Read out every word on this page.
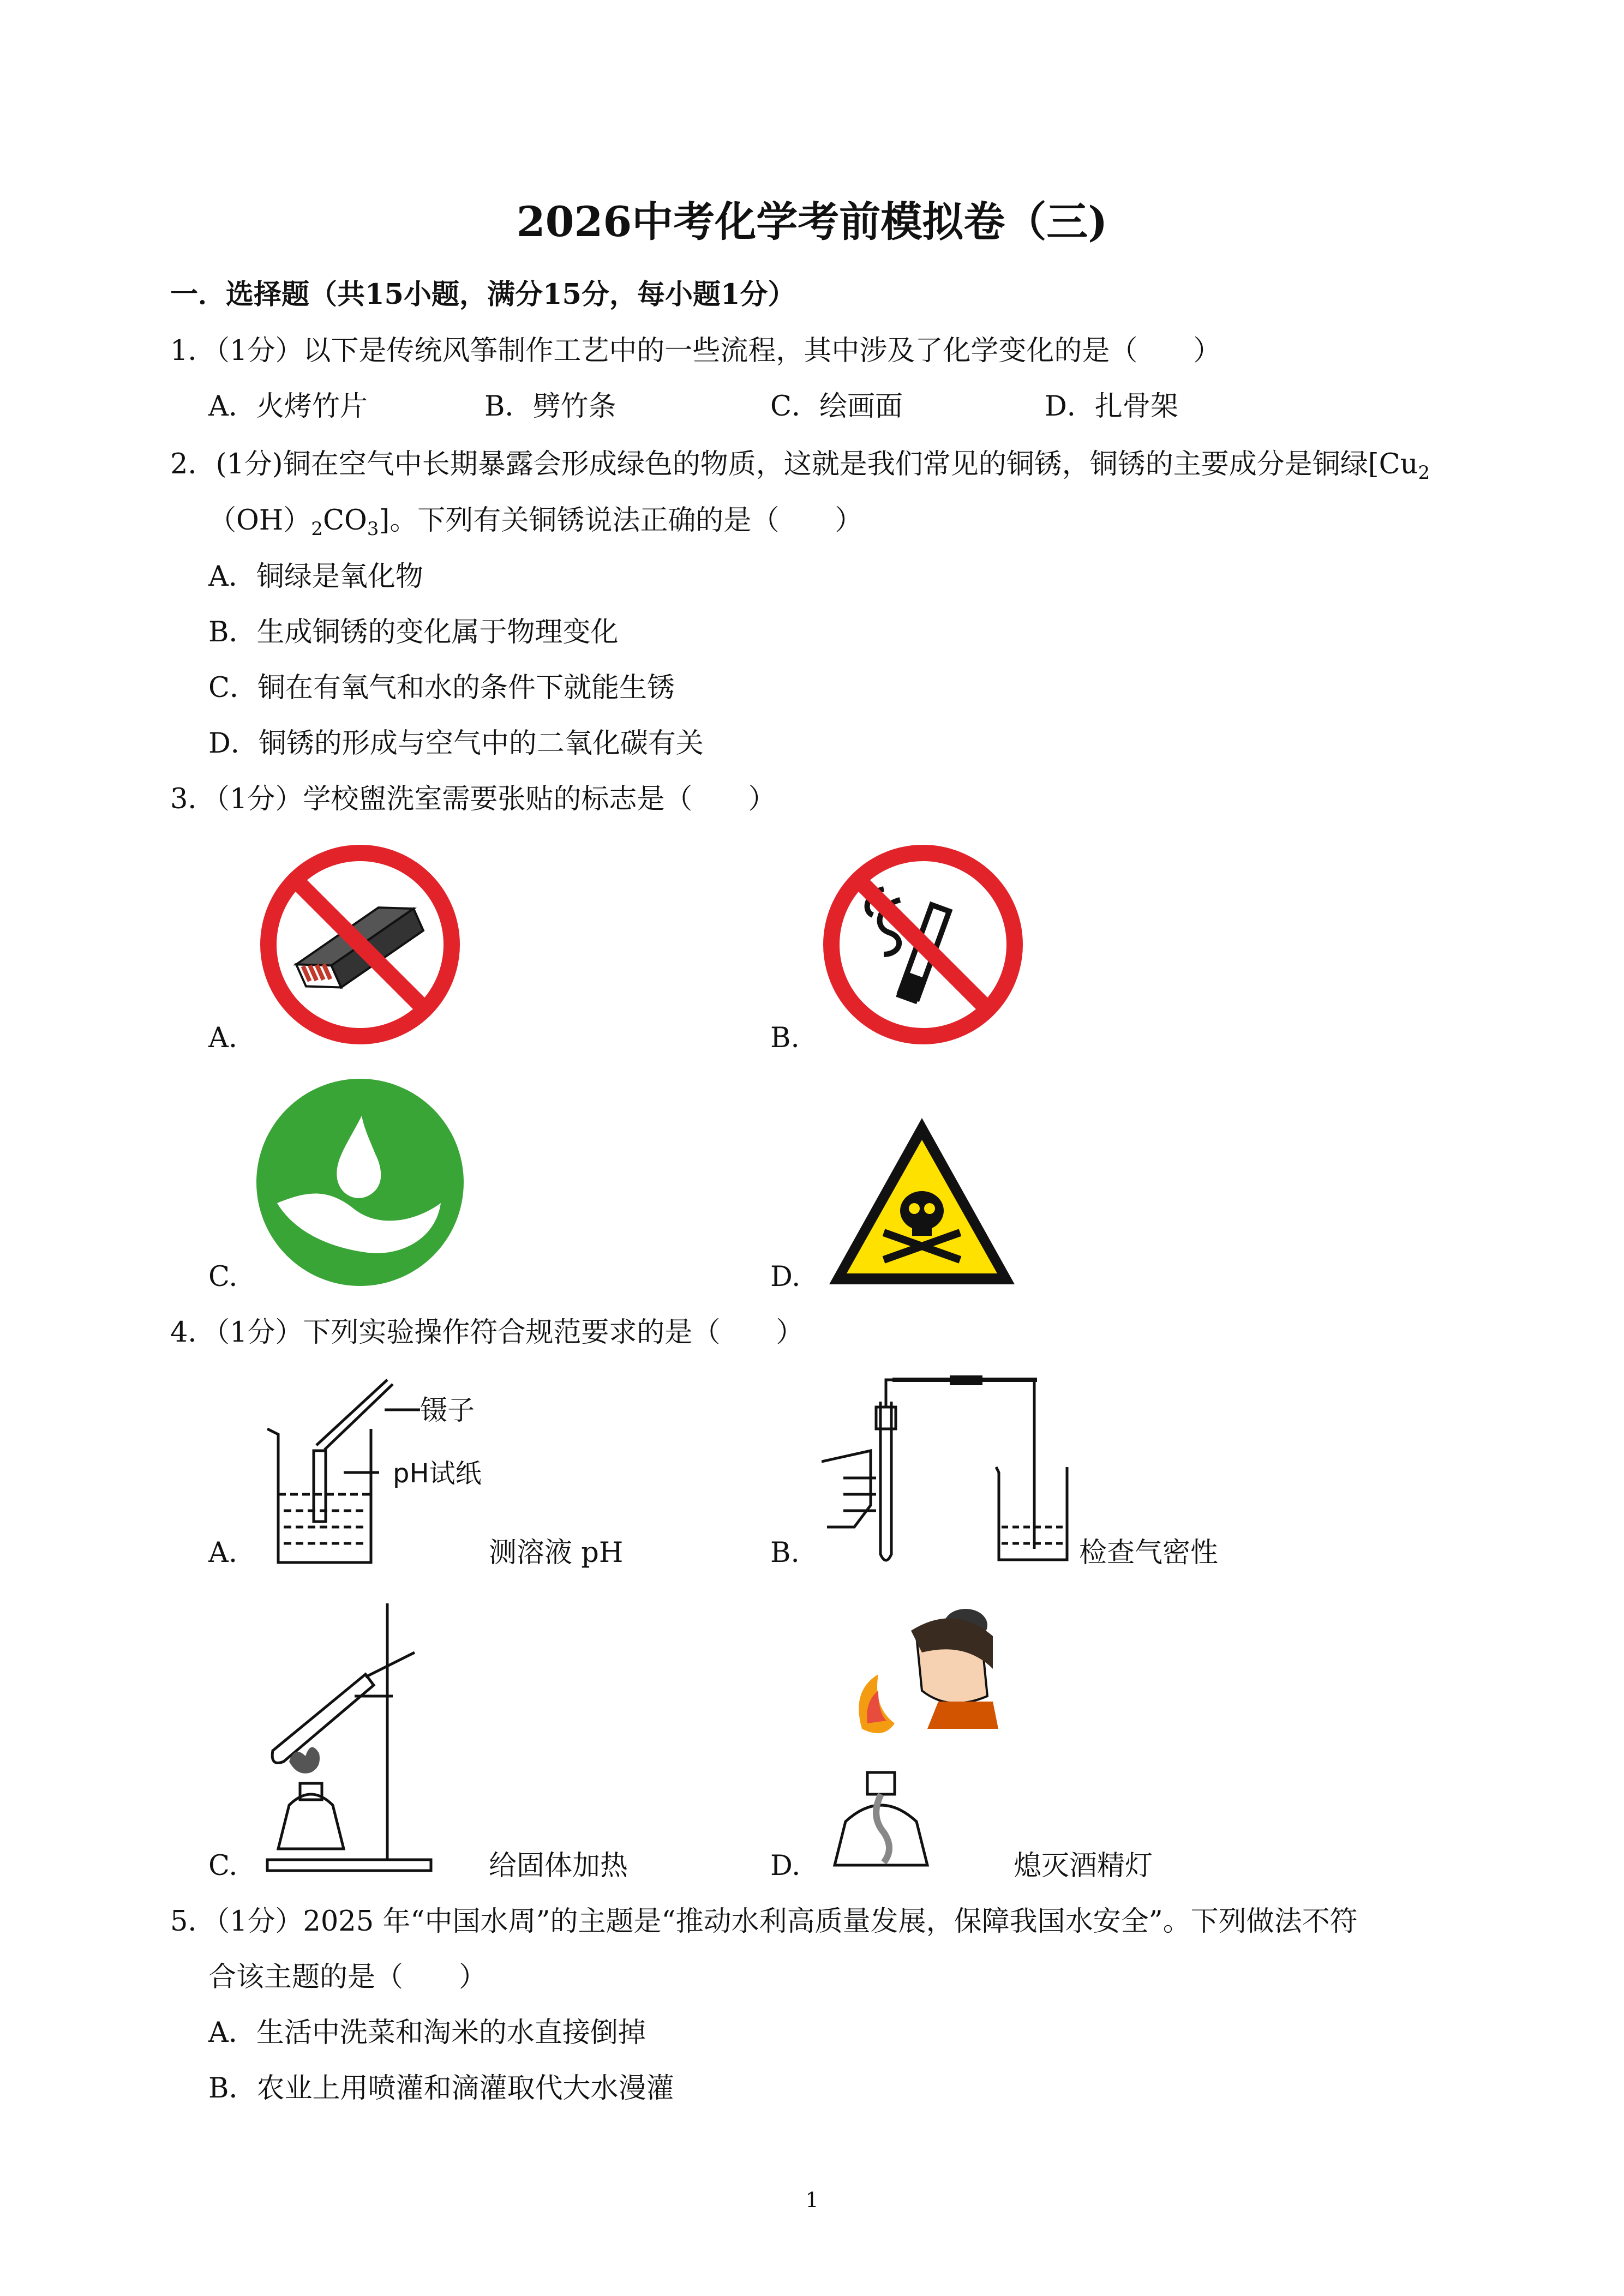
2026中考化学考前模拟卷（三)
一．选择题（共15小题，满分15分，每小题1分）
1．（1分）以下是传统风筝制作工艺中的一些流程，其中涉及了化学变化的是（　　）
A．火烤竹片	B．劈竹条	C．绘画面	D．扎骨架
2．(1分)铜在空气中长期暴露会形成绿色的物质，这就是我们常见的铜锈，铜锈的主要成分是铜绿[$Cu_2$
$(OH)_2CO_3$]。下列有关铜锈说法正确的是（　　）
A．铜绿是氧化物
B．生成铜锈的变化属于物理变化
C．铜在有氧气和水的条件下就能生锈
D．铜锈的形成与空气中的二氧化碳有关
3．（1分）学校盥洗室需要张贴的标志是（　　）
A.	B.
C.	D.
4．（1分）下列实验操作符合规范要求的是（　　）
镊子
pH试纸
A.	测溶液 pH	B.	检查气密性
C.	给固体加热	D.	熄灭酒精灯
5．（1分）2025 年“中国水周”的主题是“推动水利高质量发展，保障我国水安全”。下列做法不符
合该主题的是（　　）
A．生活中洗菜和淘米的水直接倒掉
B．农业上用喷灌和滴灌取代大水漫灌
1
